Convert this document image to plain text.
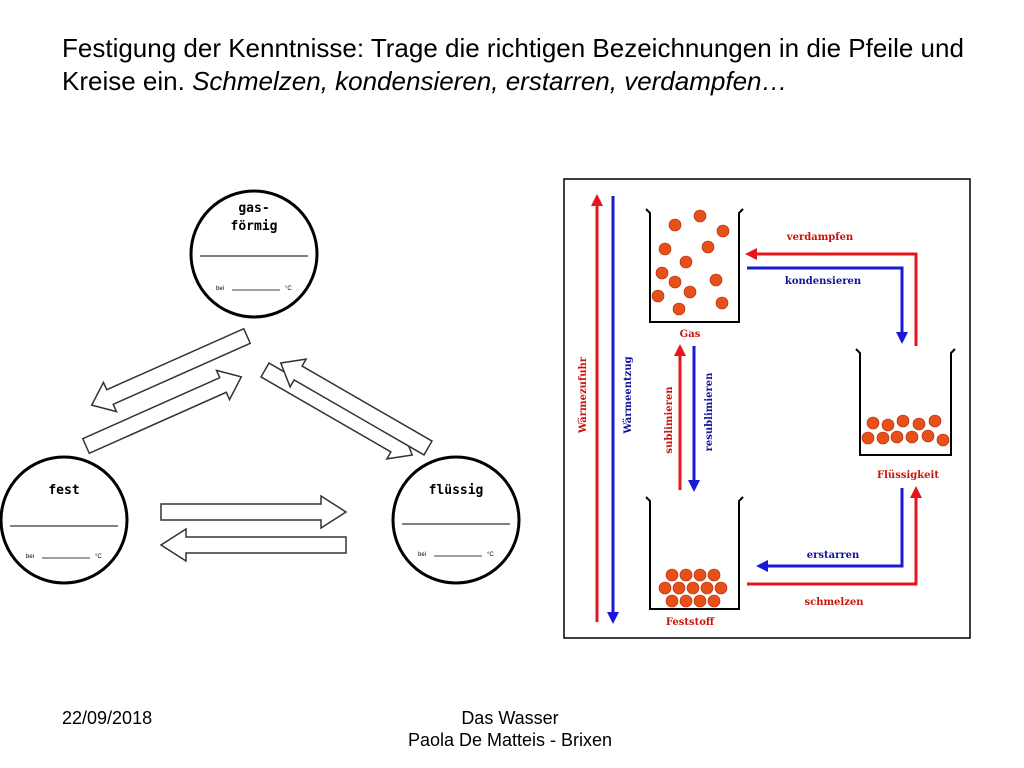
Festigung der Kenntnisse: Trage die richtigen Bezeichnungen in die Pfeile und Kreise ein. Schmelzen, kondensieren, erstarren, verdampfen…
gas-
förmig
bei	°C
fest
bei	°C
flüssig
bei	°C
Wärmezufuhr	Wärmeentzug
Gas
Flüssigkeit
Feststoff
verdampfen
kondensieren
erstarren
schmelzen
sublimieren	resublimieren
22/09/2018	Das Wasser
Paola De Matteis - Brixen
